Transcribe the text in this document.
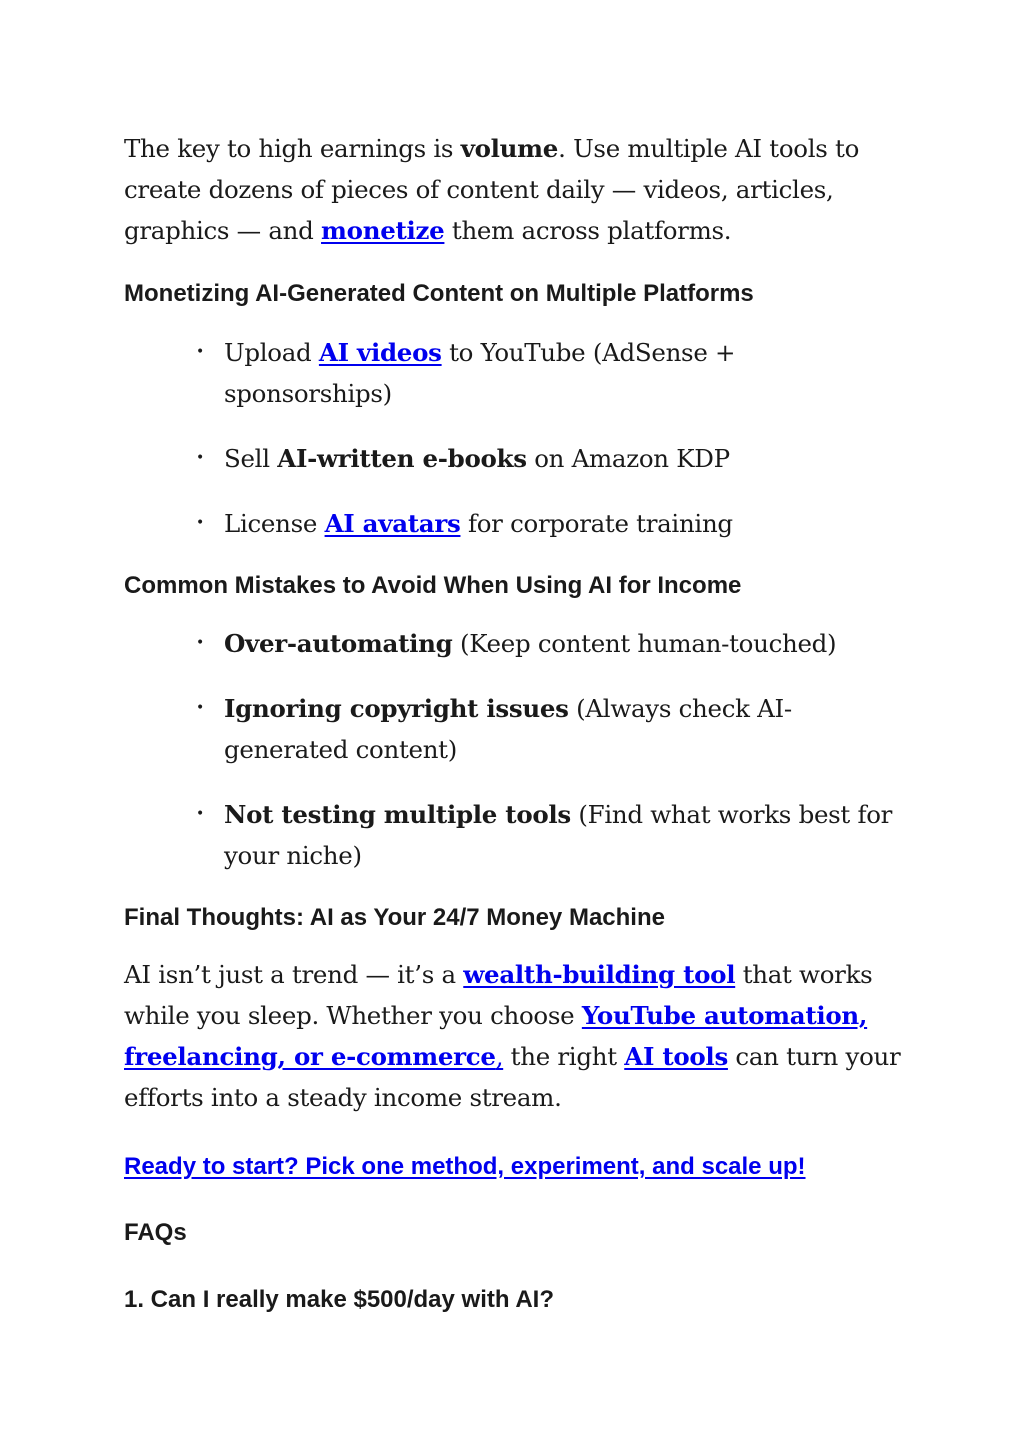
The key to high earnings is volume. Use multiple AI tools to create dozens of pieces of content daily — videos, articles, graphics — and monetize them across platforms.

Monetizing AI-Generated Content on Multiple Platforms
• Upload AI videos to YouTube (AdSense + sponsorships)
• Sell AI-written e-books on Amazon KDP
• License AI avatars for corporate training
Common Mistakes to Avoid When Using AI for Income
• Over-automating (Keep content human-touched)
• Ignoring copyright issues (Always check AI-generated content)
• Not testing multiple tools (Find what works best for your niche)
Final Thoughts: AI as Your 24/7 Money Machine

AI isn’t just a trend — it’s a wealth-building tool that works while you sleep. Whether you choose YouTube automation, freelancing, or e-commerce, the right AI tools can turn your efforts into a steady income stream.

Ready to start? Pick one method, experiment, and scale up!
FAQs
1. Can I really make $500/day with AI?
